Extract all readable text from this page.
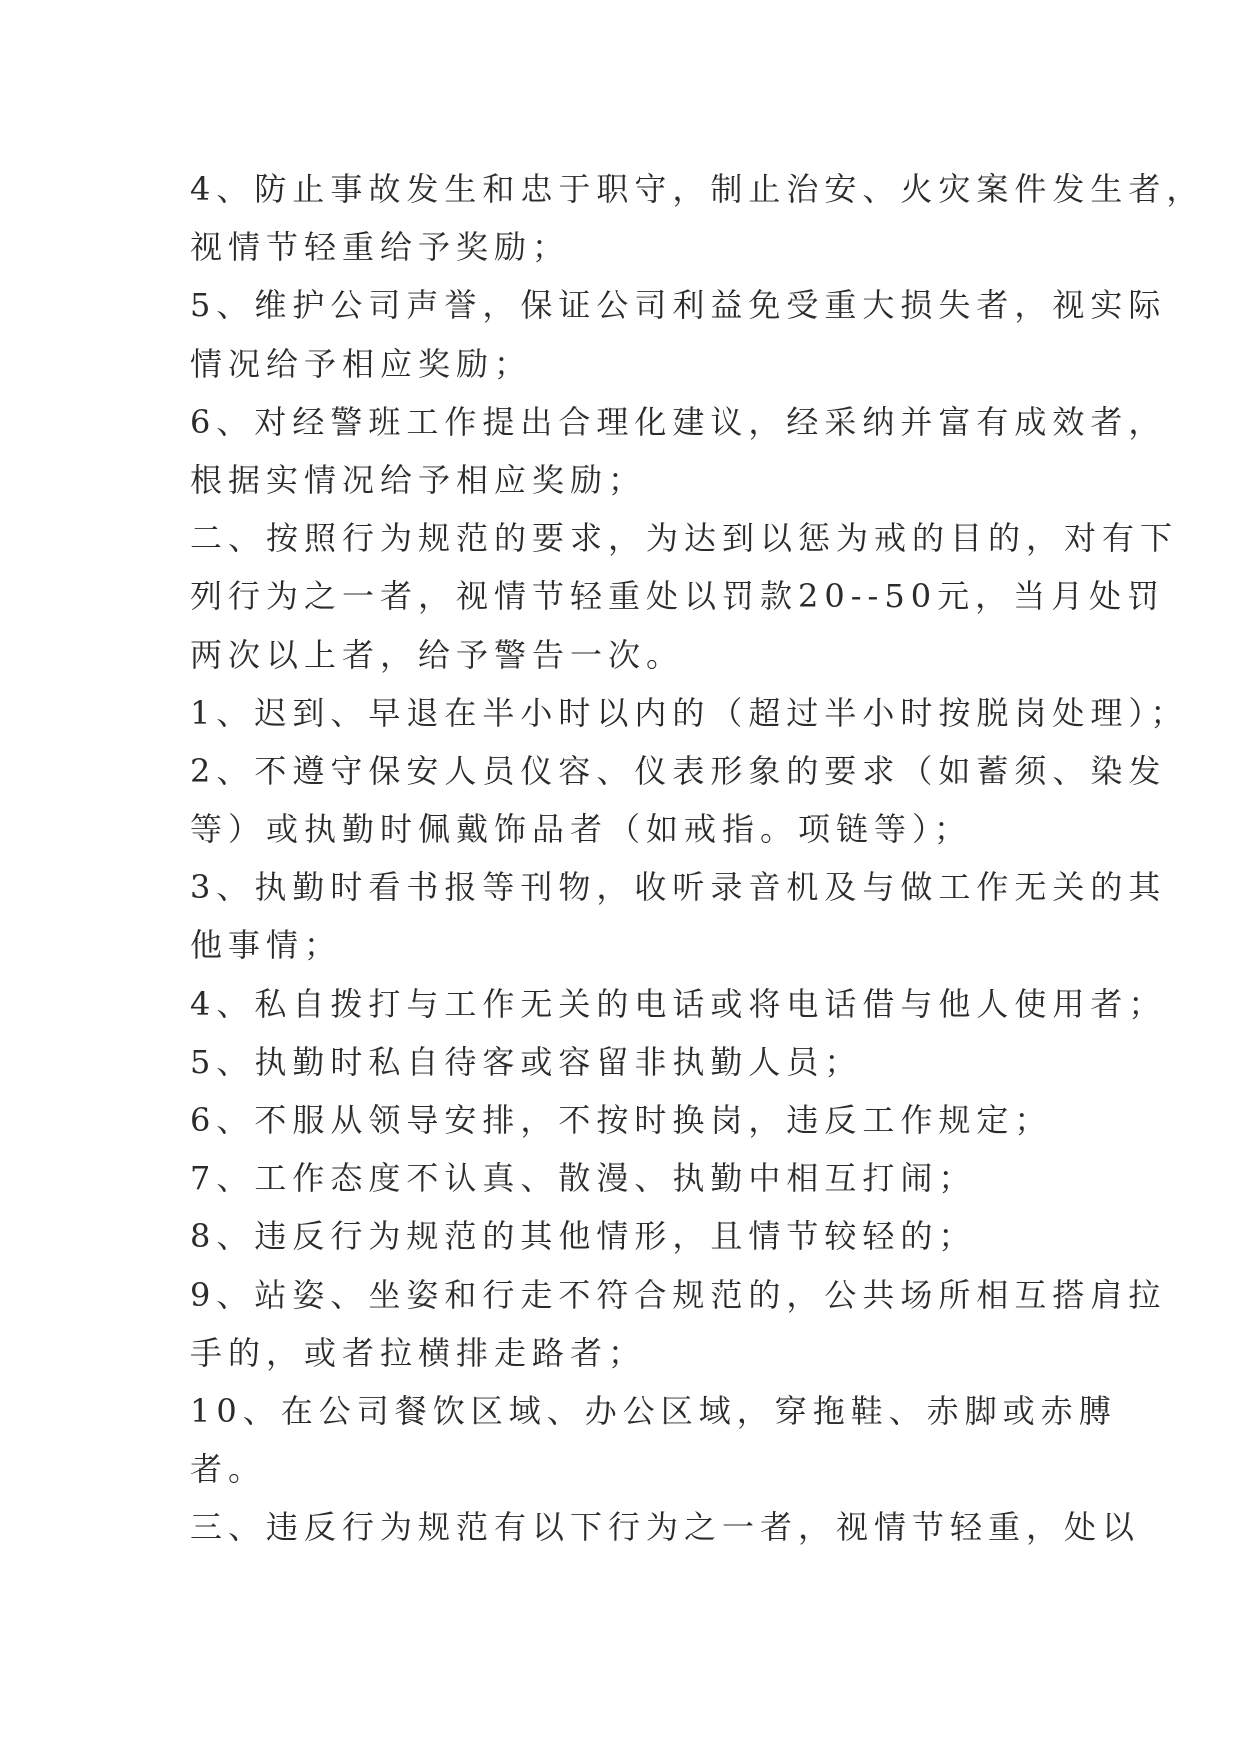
4、防止事故发生和忠于职守，制止治安、火灾案件发生者，
视情节轻重给予奖励；
5、维护公司声誉，保证公司利益免受重大损失者，视实际
情况给予相应奖励；
6、对经警班工作提出合理化建议，经采纳并富有成效者，
根据实情况给予相应奖励；
二、按照行为规范的要求，为达到以惩为戒的目的，对有下
列行为之一者，视情节轻重处以罚款20--50元，当月处罚
两次以上者，给予警告一次。
1、迟到、早退在半小时以内的（超过半小时按脱岗处理）；
2、不遵守保安人员仪容、仪表形象的要求（如蓄须、染发
等）或执勤时佩戴饰品者（如戒指。项链等）；
3、执勤时看书报等刊物，收听录音机及与做工作无关的其
他事情；
4、私自拨打与工作无关的电话或将电话借与他人使用者；
5、执勤时私自待客或容留非执勤人员；
6、不服从领导安排，不按时换岗，违反工作规定；
7、工作态度不认真、散漫、执勤中相互打闹；
8、违反行为规范的其他情形，且情节较轻的；
9、站姿、坐姿和行走不符合规范的，公共场所相互搭肩拉
手的，或者拉横排走路者；
10、在公司餐饮区域、办公区域，穿拖鞋、赤脚或赤膊
者。
三、违反行为规范有以下行为之一者，视情节轻重，处以
